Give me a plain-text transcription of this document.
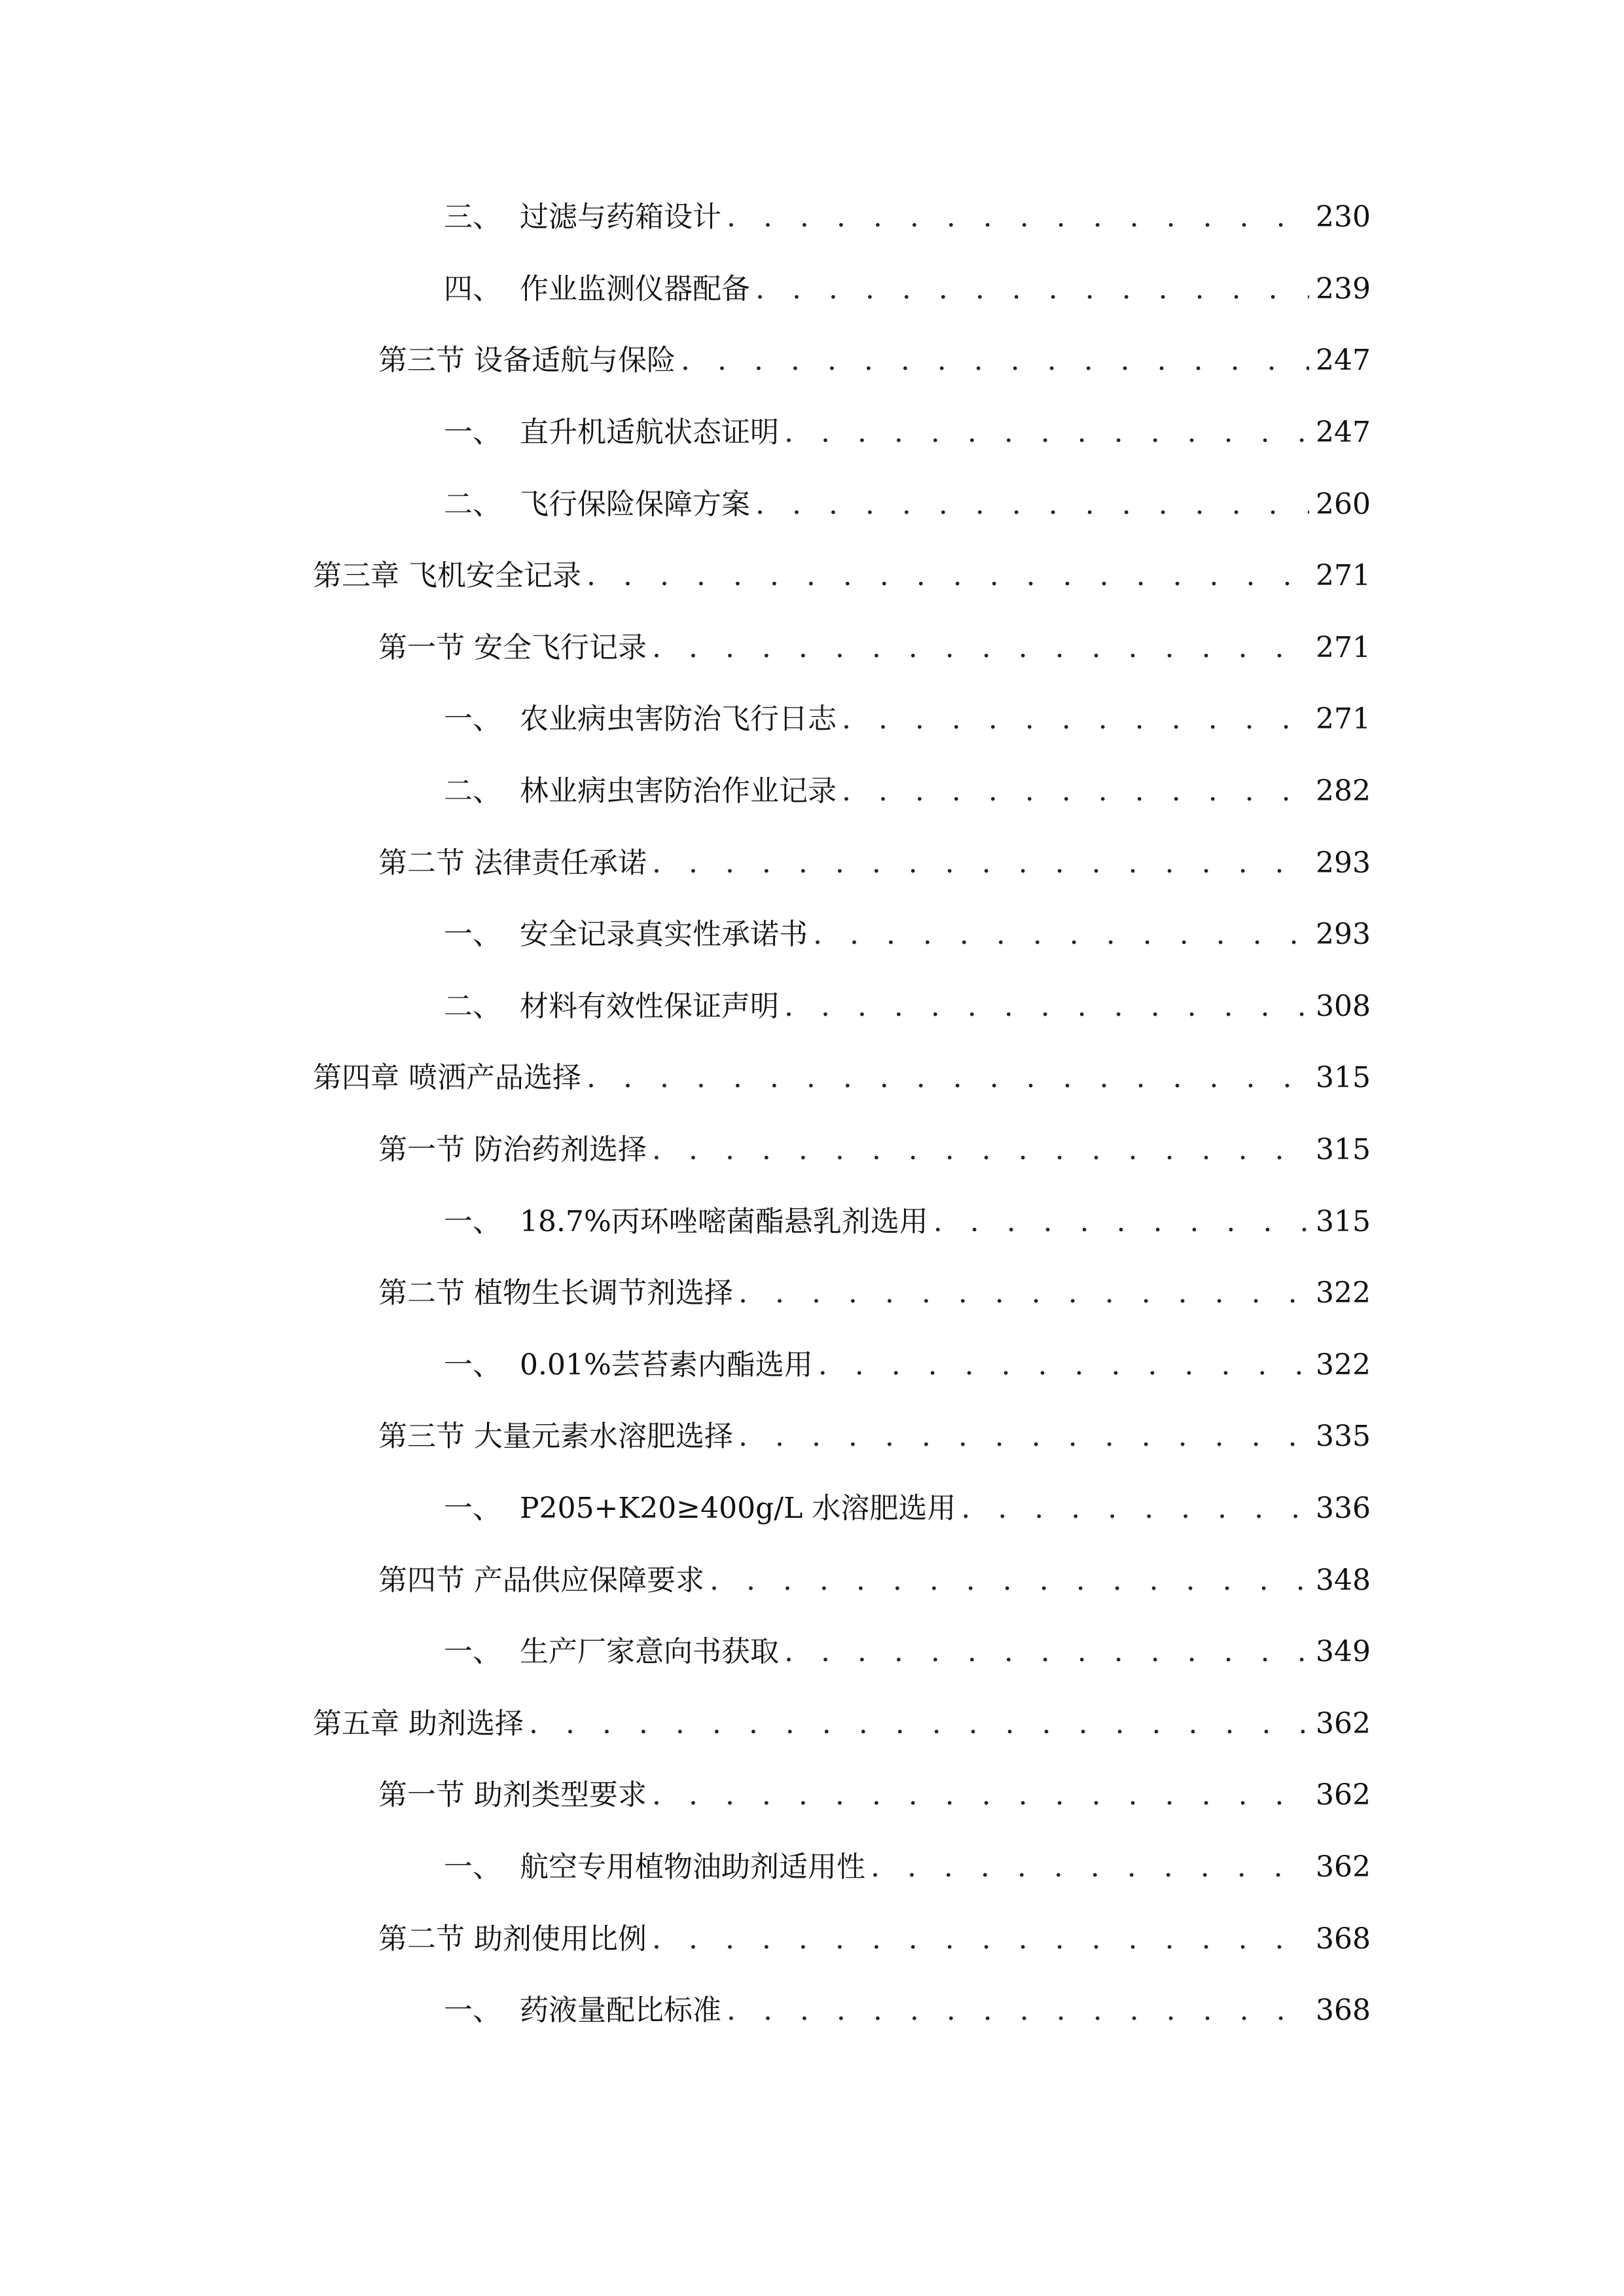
三、  过滤与药箱设计 . . .	230
四、  作业监测仪器配备 . . .	239
第三节 设备适航与保险 . . .	247
一、  直升机适航状态证明 . . .	247
二、  飞行保险保障方案 . . .	260
第三章 飞机安全记录 . . .	271
第一节 安全飞行记录 . . .	271
一、  农业病虫害防治飞行日志 . . .	271
二、  林业病虫害防治作业记录 . . .	282
第二节 法律责任承诺 . . .	293
一、  安全记录真实性承诺书 . . .	293
二、  材料有效性保证声明 . . .	308
第四章 喷洒产品选择 . . .	315
第一节 防治药剂选择 . . .	315
一、  18.7%丙环唑嘧菌酯悬乳剂选用 . . .	315
第二节 植物生长调节剂选择 . . .	322
一、  0.01%芸苔素内酯选用 . . .	322
第三节 大量元素水溶肥选择 . . .	335
一、  P205+K20≥400g/L 水溶肥选用 . . .	336
第四节 产品供应保障要求 . . .	348
一、  生产厂家意向书获取 . . .	349
第五章 助剂选择 . . .	362
第一节 助剂类型要求 . . .	362
一、  航空专用植物油助剂适用性 . . .	362
第二节 助剂使用比例 . . .	368
一、  药液量配比标准 . . .	368
